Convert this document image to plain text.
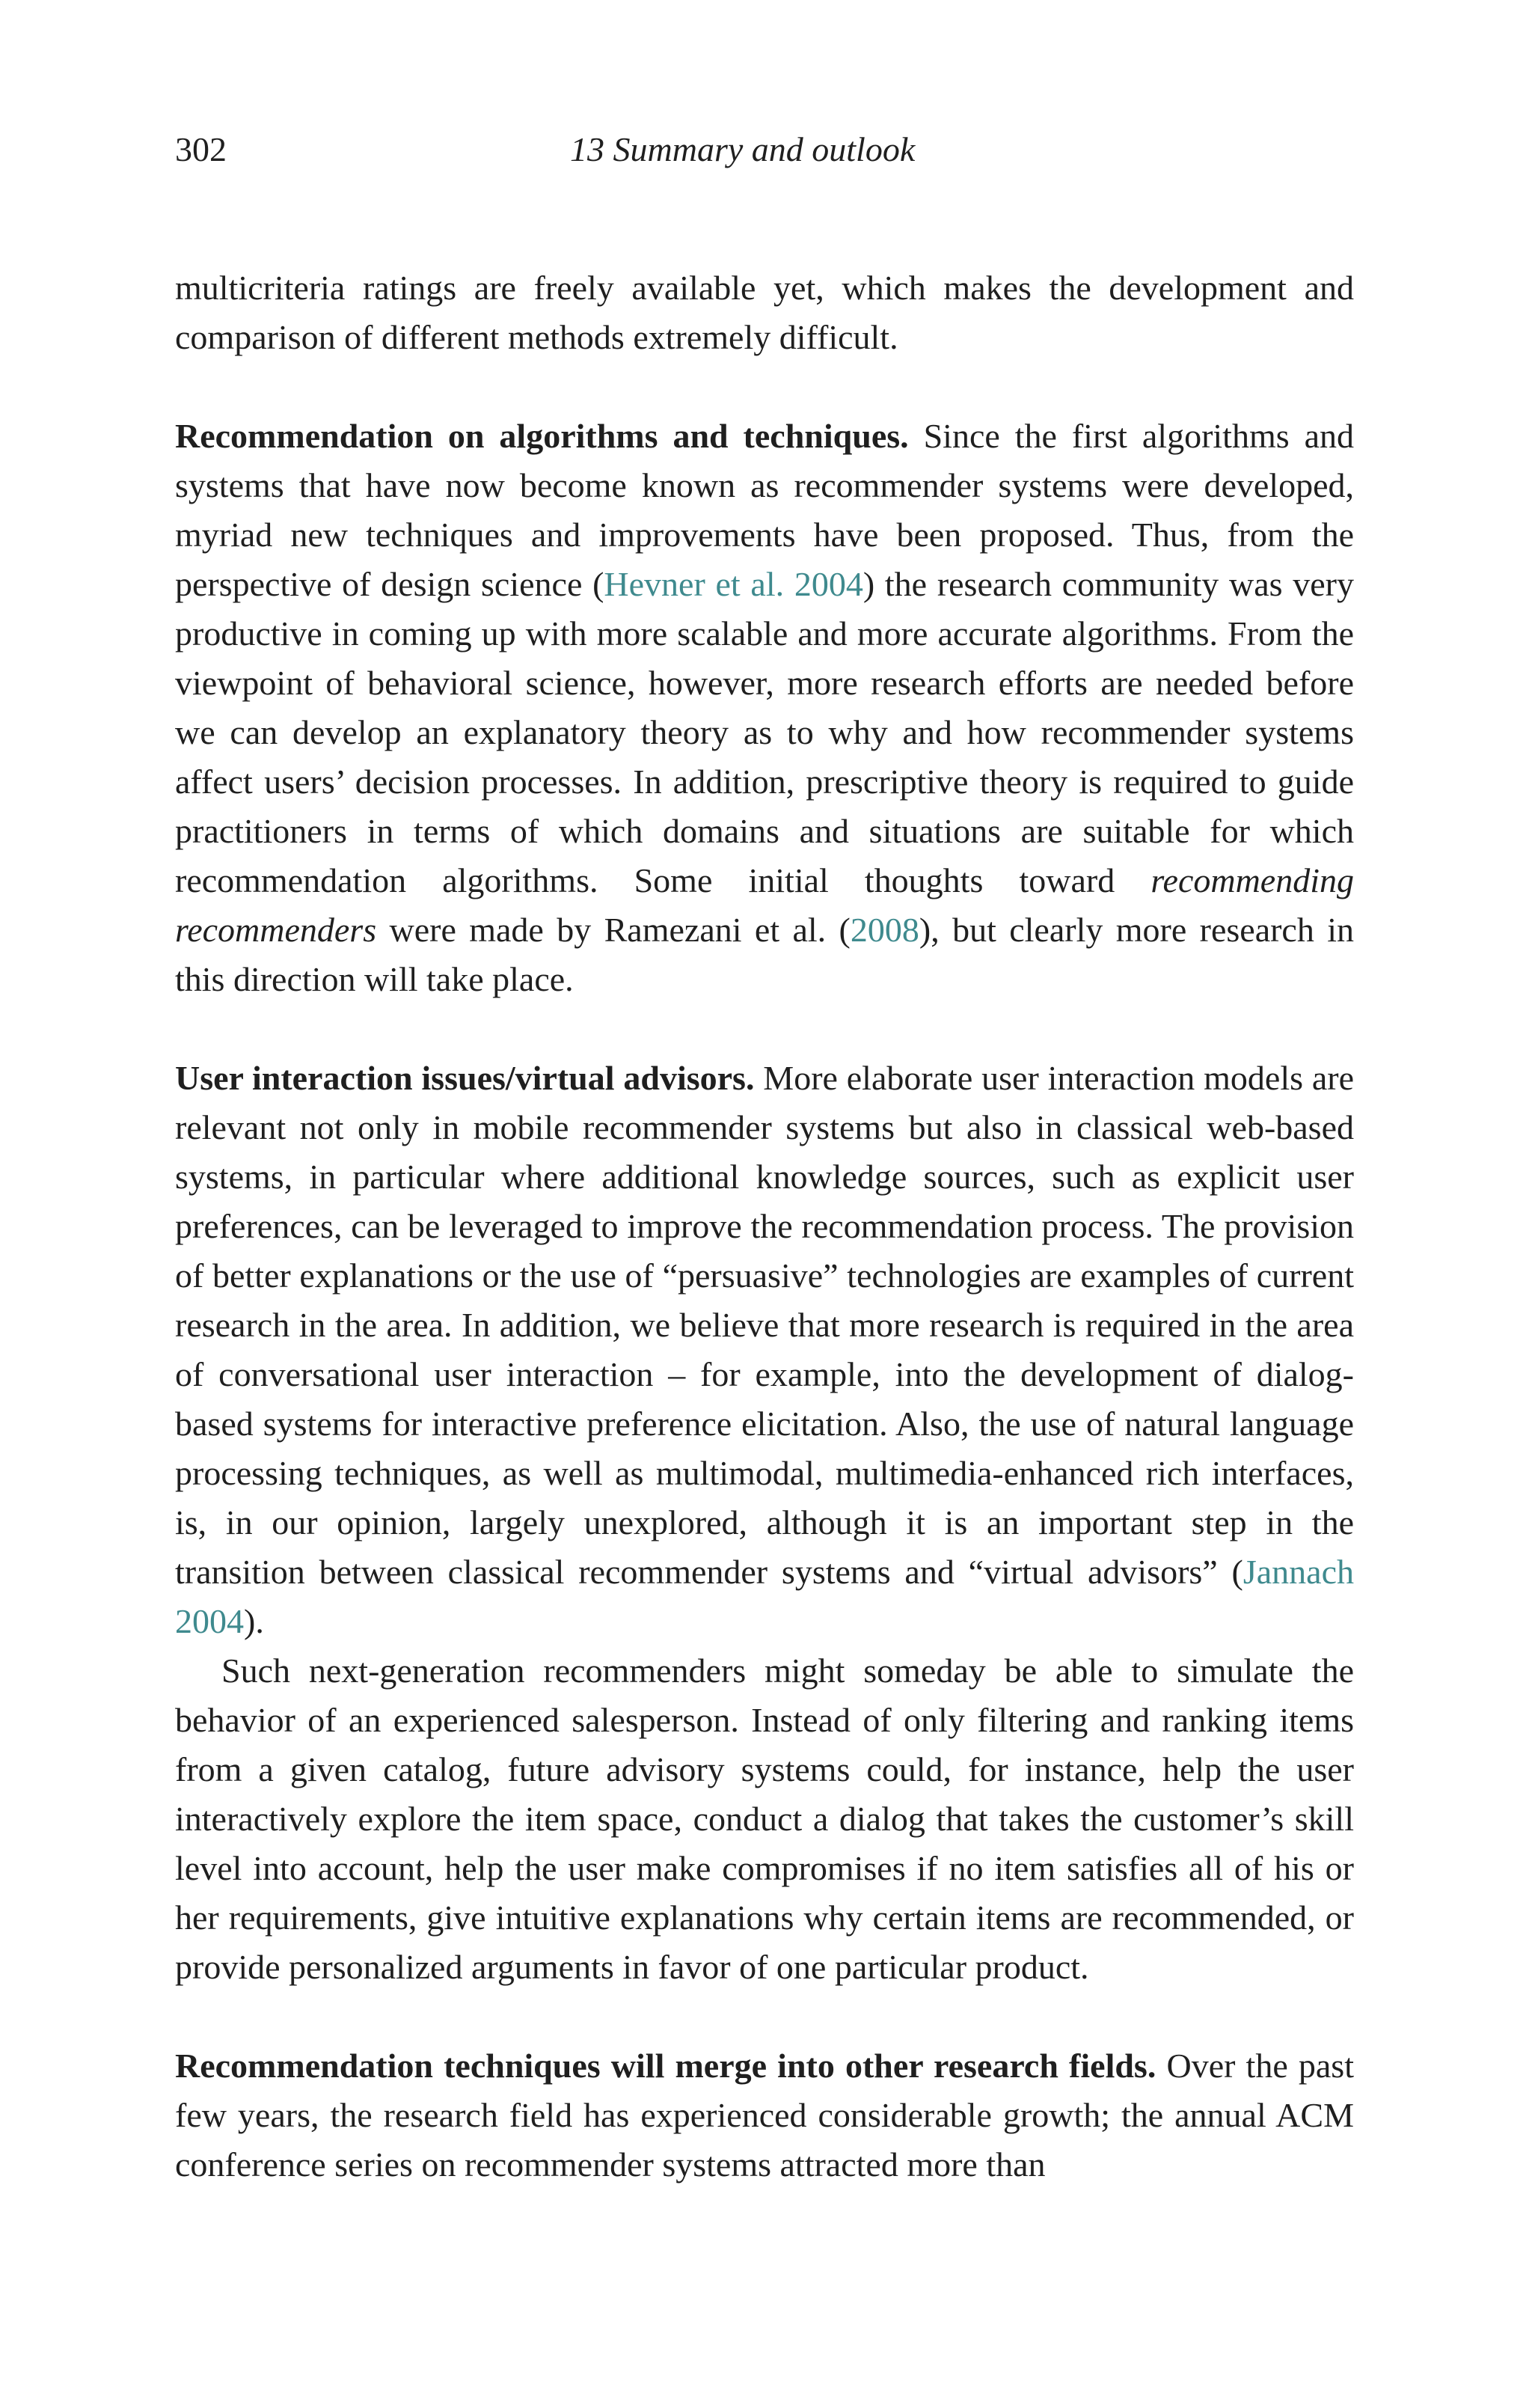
302	13 Summary and outlook

multicriteria ratings are freely available yet, which makes the development and comparison of different methods extremely difficult.

Recommendation on algorithms and techniques. Since the first algorithms and systems that have now become known as recommender systems were developed, myriad new techniques and improvements have been proposed. Thus, from the perspective of design science (Hevner et al. 2004) the research community was very productive in coming up with more scalable and more accurate algorithms. From the viewpoint of behavioral science, however, more research efforts are needed before we can develop an explanatory theory as to why and how recommender systems affect users’ decision processes. In addition, prescriptive theory is required to guide practitioners in terms of which domains and situations are suitable for which recommendation algorithms. Some initial thoughts toward recommending recommenders were made by Ramezani et al. (2008), but clearly more research in this direction will take place.

User interaction issues/virtual advisors. More elaborate user interaction models are relevant not only in mobile recommender systems but also in classical web-based systems, in particular where additional knowledge sources, such as explicit user preferences, can be leveraged to improve the recommendation process. The provision of better explanations or the use of “persuasive” technologies are examples of current research in the area. In addition, we believe that more research is required in the area of conversational user interaction – for example, into the development of dialog-based systems for interactive preference elicitation. Also, the use of natural language processing techniques, as well as multimodal, multimedia-enhanced rich interfaces, is, in our opinion, largely unexplored, although it is an important step in the transition between classical recommender systems and “virtual advisors” (Jannach 2004).

Such next-generation recommenders might someday be able to simulate the behavior of an experienced salesperson. Instead of only filtering and ranking items from a given catalog, future advisory systems could, for instance, help the user interactively explore the item space, conduct a dialog that takes the customer’s skill level into account, help the user make compromises if no item satisfies all of his or her requirements, give intuitive explanations why certain items are recommended, or provide personalized arguments in favor of one particular product.

Recommendation techniques will merge into other research fields. Over the past few years, the research field has experienced considerable growth; the annual ACM conference series on recommender systems attracted more than
